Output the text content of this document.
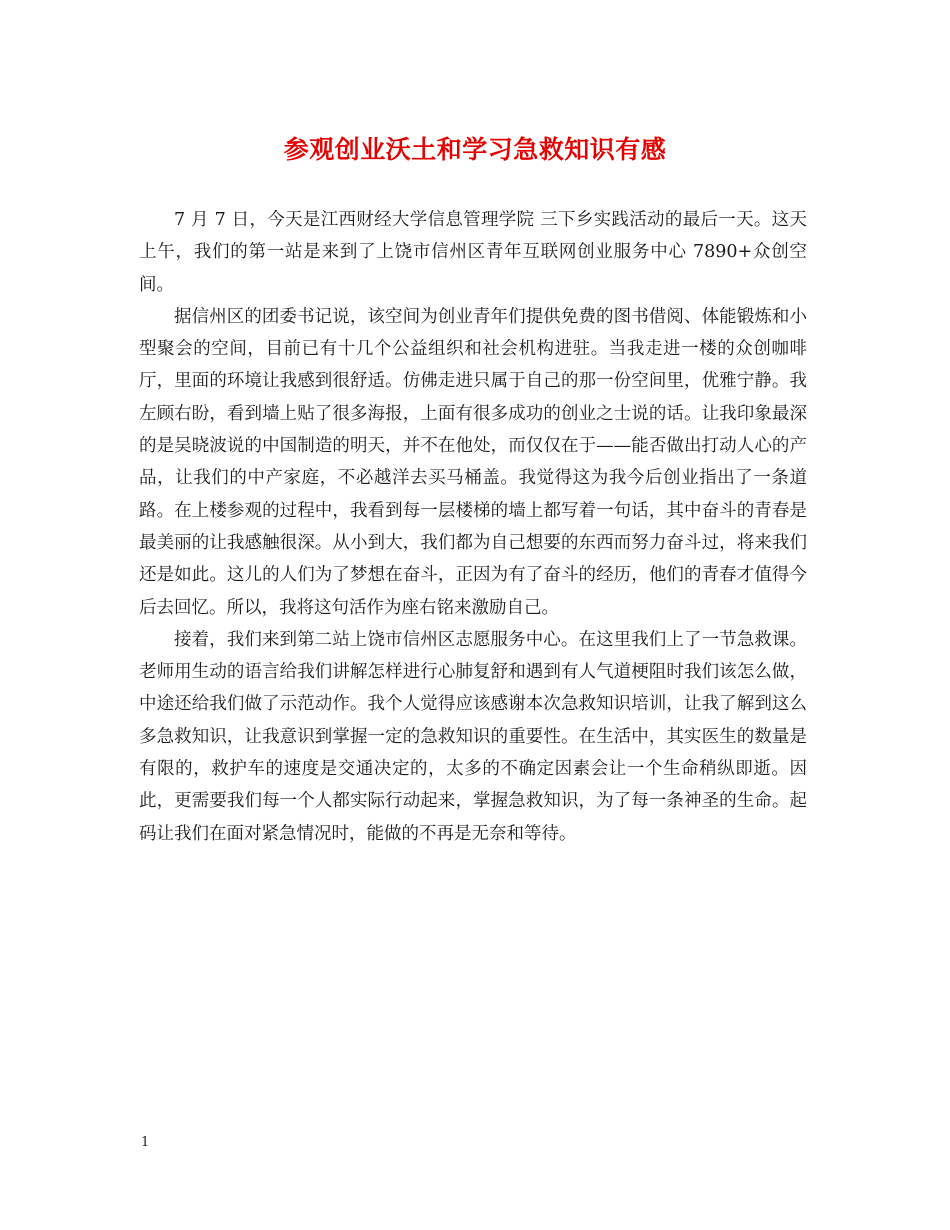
参观创业沃土和学习急救知识有感

7 月 7 日，今天是江西财经大学信息管理学院 三下乡实践活动的最后一天。这天上午，我们的第一站是来到了上饶市信州区青年互联网创业服务中心 7890+众创空间。

据信州区的团委书记说，该空间为创业青年们提供免费的图书借阅、体能锻炼和小型聚会的空间，目前已有十几个公益组织和社会机构进驻。当我走进一楼的众创咖啡厅，里面的环境让我感到很舒适。仿佛走进只属于自己的那一份空间里，优雅宁静。我左顾右盼，看到墙上贴了很多海报，上面有很多成功的创业之士说的话。让我印象最深的是吴晓波说的中国制造的明天，并不在他处，而仅仅在于——能否做出打动人心的产品，让我们的中产家庭，不必越洋去买马桶盖。我觉得这为我今后创业指出了一条道路。在上楼参观的过程中，我看到每一层楼梯的墙上都写着一句话，其中奋斗的青春是最美丽的让我感触很深。从小到大，我们都为自己想要的东西而努力奋斗过，将来我们还是如此。这儿的人们为了梦想在奋斗，正因为有了奋斗的经历，他们的青春才值得今后去回忆。所以，我将这句活作为座右铭来激励自己。

接着，我们来到第二站上饶市信州区志愿服务中心。在这里我们上了一节急救课。老师用生动的语言给我们讲解怎样进行心肺复舒和遇到有人气道梗阻时我们该怎么做，中途还给我们做了示范动作。我个人觉得应该感谢本次急救知识培训，让我了解到这么多急救知识，让我意识到掌握一定的急救知识的重要性。在生活中，其实医生的数量是有限的，救护车的速度是交通决定的，太多的不确定因素会让一个生命稍纵即逝。因此，更需要我们每一个人都实际行动起来，掌握急救知识，为了每一条神圣的生命。起码让我们在面对紧急情况时，能做的不再是无奈和等待。

1
